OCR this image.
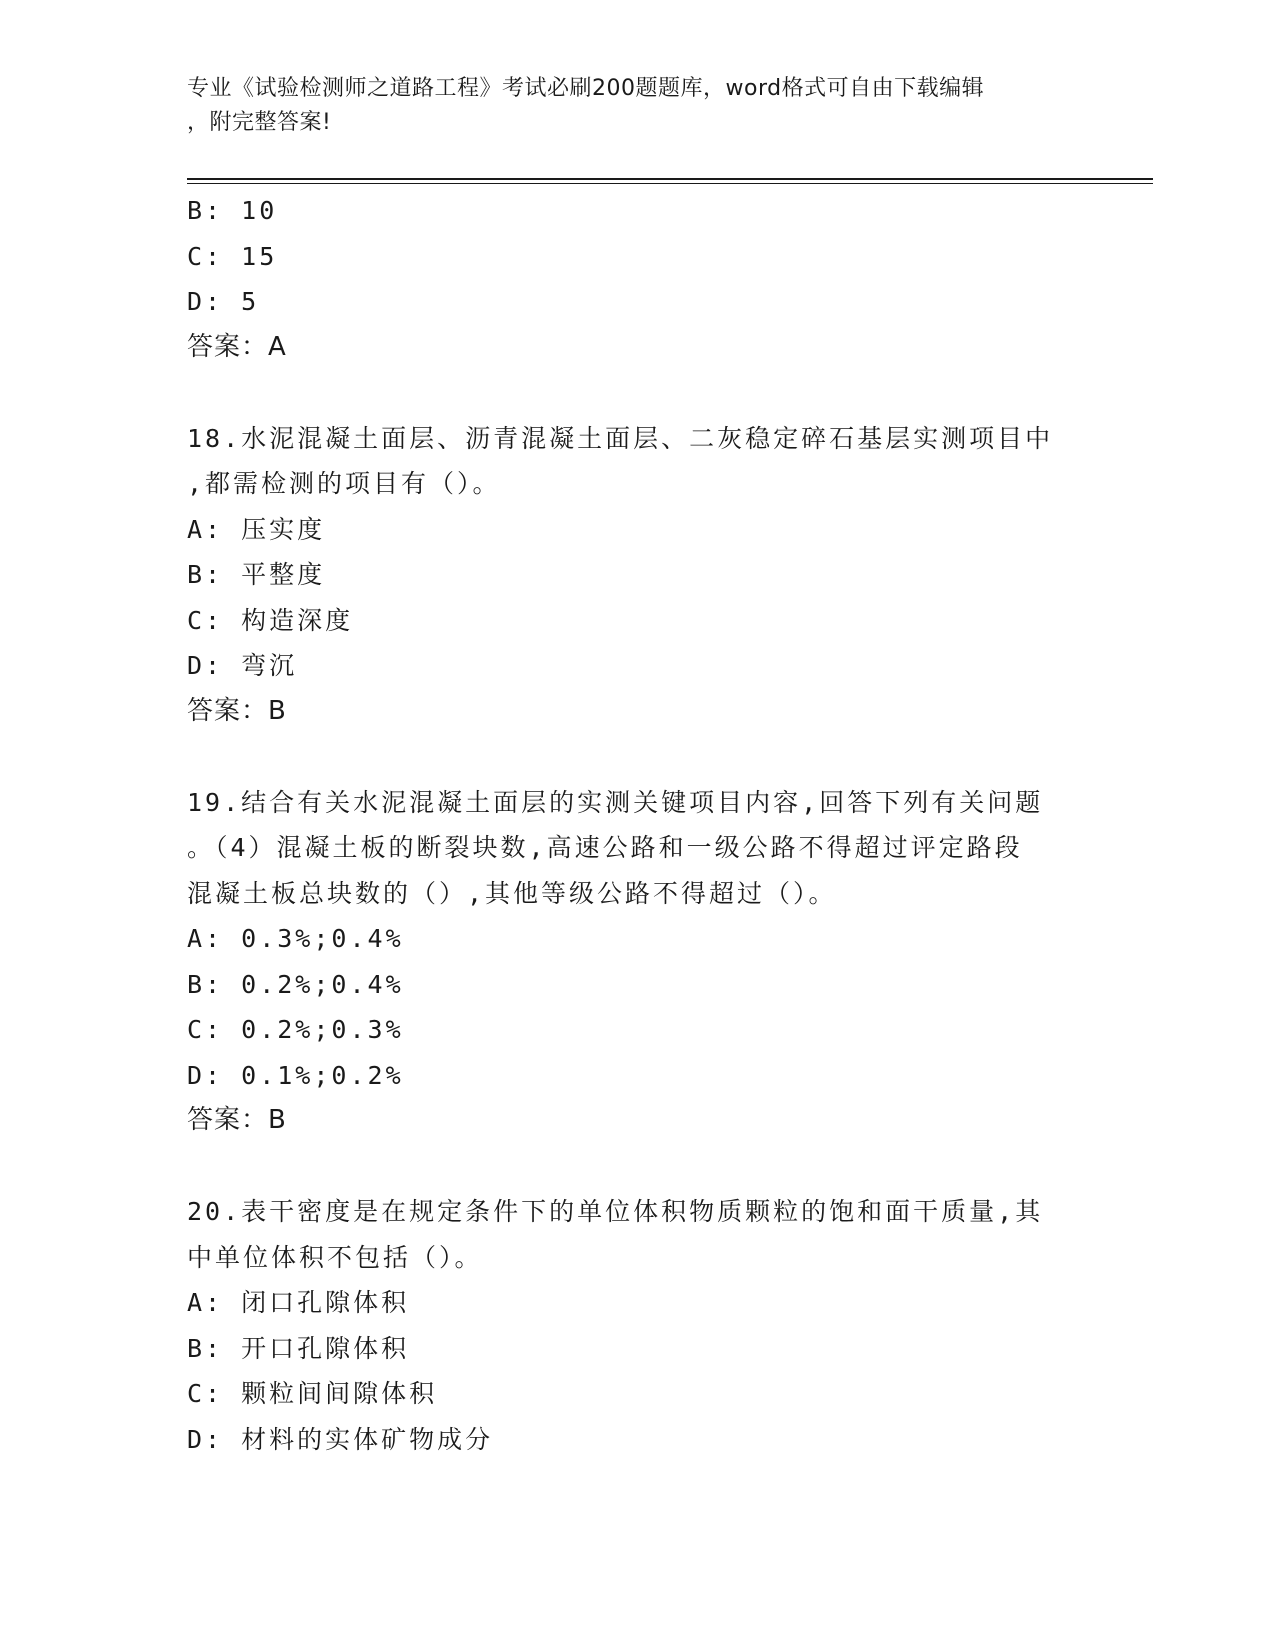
专业《试验检测师之道路工程》考试必刷200题题库，word格式可自由下载编辑
，附完整答案!
B: 10
C: 15
D: 5
答案：A
18.水泥混凝土面层、沥青混凝土面层、二灰稳定碎石基层实测项目中
,都需检测的项目有（）。
A: 压实度
B: 平整度
C: 构造深度
D: 弯沉
答案：B
19.结合有关水泥混凝土面层的实测关键项目内容,回答下列有关问题
。（4）混凝土板的断裂块数,高速公路和一级公路不得超过评定路段
混凝土板总块数的（）,其他等级公路不得超过（）。
A: 0.3%;0.4%
B: 0.2%;0.4%
C: 0.2%;0.3%
D: 0.1%;0.2%
答案：B
20.表干密度是在规定条件下的单位体积物质颗粒的饱和面干质量,其
中单位体积不包括（）。
A: 闭口孔隙体积
B: 开口孔隙体积
C: 颗粒间间隙体积
D: 材料的实体矿物成分
